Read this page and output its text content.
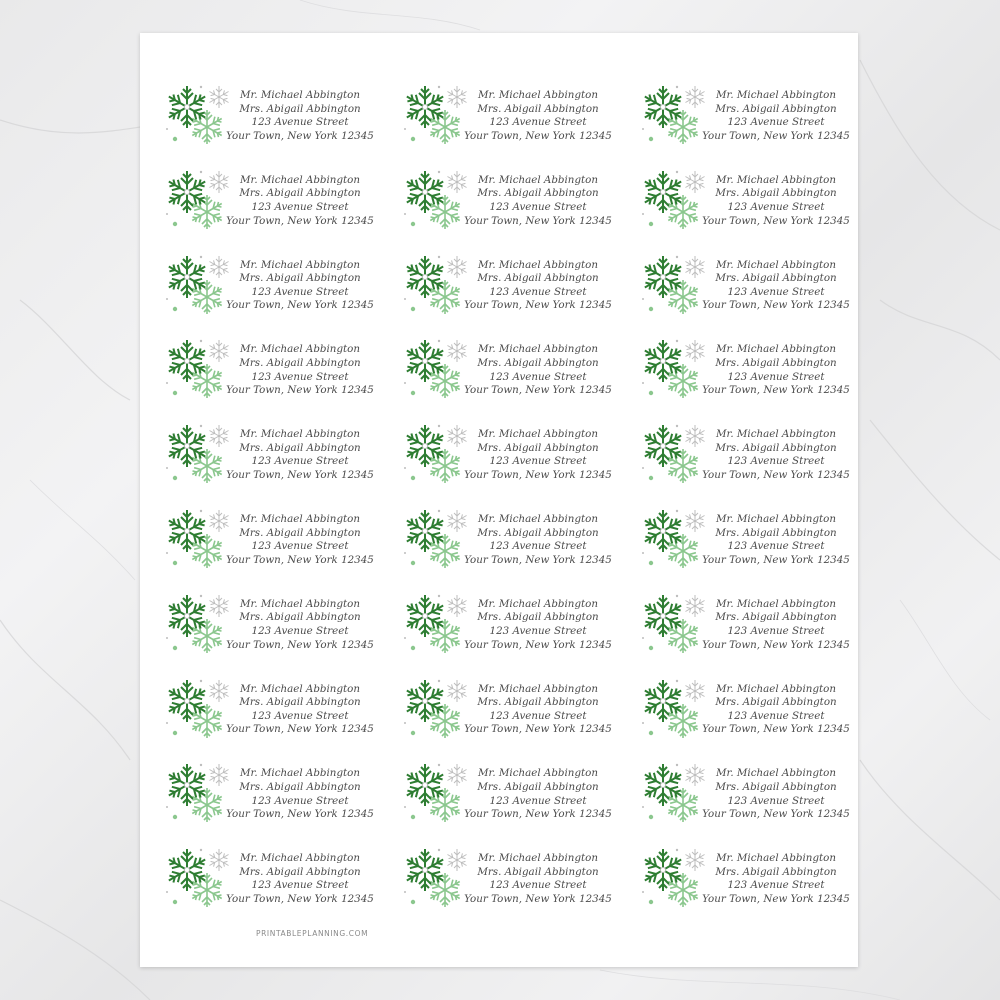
Mr. Michael Abbington
Mrs. Abigail Abbington
123 Avenue Street
Your Town, New York 12345
Mr. Michael Abbington
Mrs. Abigail Abbington
123 Avenue Street
Your Town, New York 12345
Mr. Michael Abbington
Mrs. Abigail Abbington
123 Avenue Street
Your Town, New York 12345
Mr. Michael Abbington
Mrs. Abigail Abbington
123 Avenue Street
Your Town, New York 12345
Mr. Michael Abbington
Mrs. Abigail Abbington
123 Avenue Street
Your Town, New York 12345
Mr. Michael Abbington
Mrs. Abigail Abbington
123 Avenue Street
Your Town, New York 12345
Mr. Michael Abbington
Mrs. Abigail Abbington
123 Avenue Street
Your Town, New York 12345
Mr. Michael Abbington
Mrs. Abigail Abbington
123 Avenue Street
Your Town, New York 12345
Mr. Michael Abbington
Mrs. Abigail Abbington
123 Avenue Street
Your Town, New York 12345
Mr. Michael Abbington
Mrs. Abigail Abbington
123 Avenue Street
Your Town, New York 12345
Mr. Michael Abbington
Mrs. Abigail Abbington
123 Avenue Street
Your Town, New York 12345
Mr. Michael Abbington
Mrs. Abigail Abbington
123 Avenue Street
Your Town, New York 12345
Mr. Michael Abbington
Mrs. Abigail Abbington
123 Avenue Street
Your Town, New York 12345
Mr. Michael Abbington
Mrs. Abigail Abbington
123 Avenue Street
Your Town, New York 12345
Mr. Michael Abbington
Mrs. Abigail Abbington
123 Avenue Street
Your Town, New York 12345
Mr. Michael Abbington
Mrs. Abigail Abbington
123 Avenue Street
Your Town, New York 12345
Mr. Michael Abbington
Mrs. Abigail Abbington
123 Avenue Street
Your Town, New York 12345
Mr. Michael Abbington
Mrs. Abigail Abbington
123 Avenue Street
Your Town, New York 12345
Mr. Michael Abbington
Mrs. Abigail Abbington
123 Avenue Street
Your Town, New York 12345
Mr. Michael Abbington
Mrs. Abigail Abbington
123 Avenue Street
Your Town, New York 12345
Mr. Michael Abbington
Mrs. Abigail Abbington
123 Avenue Street
Your Town, New York 12345
Mr. Michael Abbington
Mrs. Abigail Abbington
123 Avenue Street
Your Town, New York 12345
Mr. Michael Abbington
Mrs. Abigail Abbington
123 Avenue Street
Your Town, New York 12345
Mr. Michael Abbington
Mrs. Abigail Abbington
123 Avenue Street
Your Town, New York 12345
Mr. Michael Abbington
Mrs. Abigail Abbington
123 Avenue Street
Your Town, New York 12345
Mr. Michael Abbington
Mrs. Abigail Abbington
123 Avenue Street
Your Town, New York 12345
Mr. Michael Abbington
Mrs. Abigail Abbington
123 Avenue Street
Your Town, New York 12345
Mr. Michael Abbington
Mrs. Abigail Abbington
123 Avenue Street
Your Town, New York 12345
Mr. Michael Abbington
Mrs. Abigail Abbington
123 Avenue Street
Your Town, New York 12345
Mr. Michael Abbington
Mrs. Abigail Abbington
123 Avenue Street
Your Town, New York 12345
PRINTABLEPLANNING.COM
